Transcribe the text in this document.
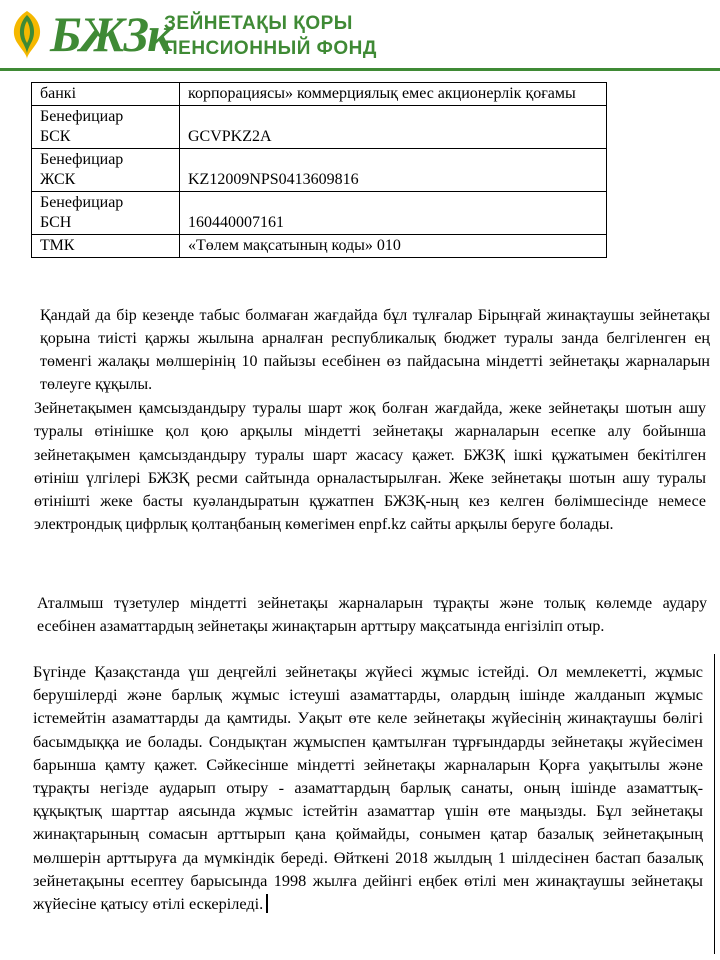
БЖЗк
ЗЕЙНЕТАҚЫ ҚОРЫ
ПЕНСИОННЫЙ ФОНД
банкі	корпорациясы» коммерциялық емес акционерлік қоғамы

Бенефициар
БСК	GCVPKZ2A

Бенефициар
ЖСК	KZ12009NPS0413609816

Бенефициар
БСН	160440007161
ТМК	«Төлем мақсатының коды» 010
Қандай да бір кезеңде табыс болмаған жағдайда бұл тұлғалар Бірыңғай жинақтаушы зейнетақы қорына тиісті қаржы жылына арналған республикалық бюджет туралы занда белгіленген ең төменгі жалақы мөлшерінің 10 пайызы есебінен өз пайдасына міндетті зейнетақы жарналарын төлеуге құқылы.
Зейнетақымен қамсыздандыру туралы шарт жоқ болған жағдайда, жеке зейнетақы шотын ашу туралы өтінішке қол қою арқылы міндетті зейнетақы жарналарын есепке алу бойынша зейнетақымен қамсыздандыру туралы шарт жасасу қажет. БЖЗҚ ішкі құжатымен бекітілген өтініш үлгілері БЖЗҚ ресми сайтында орналастырылған. Жеке зейнетақы шотын ашу туралы өтінішті жеке басты куәландыратын құжатпен БЖЗҚ-ның кез келген бөлімшесінде немесе электрондық цифрлық қолтаңбаның көмегімен enpf.kz сайты арқылы беруге болады.
Аталмыш түзетулер міндетті зейнетақы жарналарын тұрақты және толық көлемде аудару есебінен азаматтардың зейнетақы жинақтарын арттыру мақсатында енгізіліп отыр.
Бүгінде Қазақстанда үш деңгейлі зейнетақы жүйесі жұмыс істейді. Ол мемлекетті, жұмыс берушілерді және барлық жұмыс істеуші азаматтарды, олардың ішінде жалданып жұмыс істемейтін азаматтарды да қамтиды. Уақыт өте келе зейнетақы жүйесінің жинақтаушы бөлігі басымдыққа ие болады. Сондықтан жұмыспен қамтылған тұрғындарды зейнетақы жүйесімен барынша қамту қажет. Сәйкесінше міндетті зейнетақы жарналарын Қорға уақытылы және тұрақты негізде аударып отыру - азаматтардың барлық санаты, оның ішінде азаматтық-құқықтық шарттар аясында жұмыс істейтін азаматтар үшін өте маңызды. Бұл зейнетақы жинақтарының сомасын арттырып қана қоймайды, сонымен қатар базалық зейнетақының мөлшерін арттыруға да мүмкіндік береді. Өйткені 2018 жылдың 1 шілдесінен бастап базалық зейнетақыны есептеу барысында 1998 жылға дейінгі еңбек өтілі мен жинақтаушы зейнетақы жүйесіне қатысу өтілі ескеріледі.
